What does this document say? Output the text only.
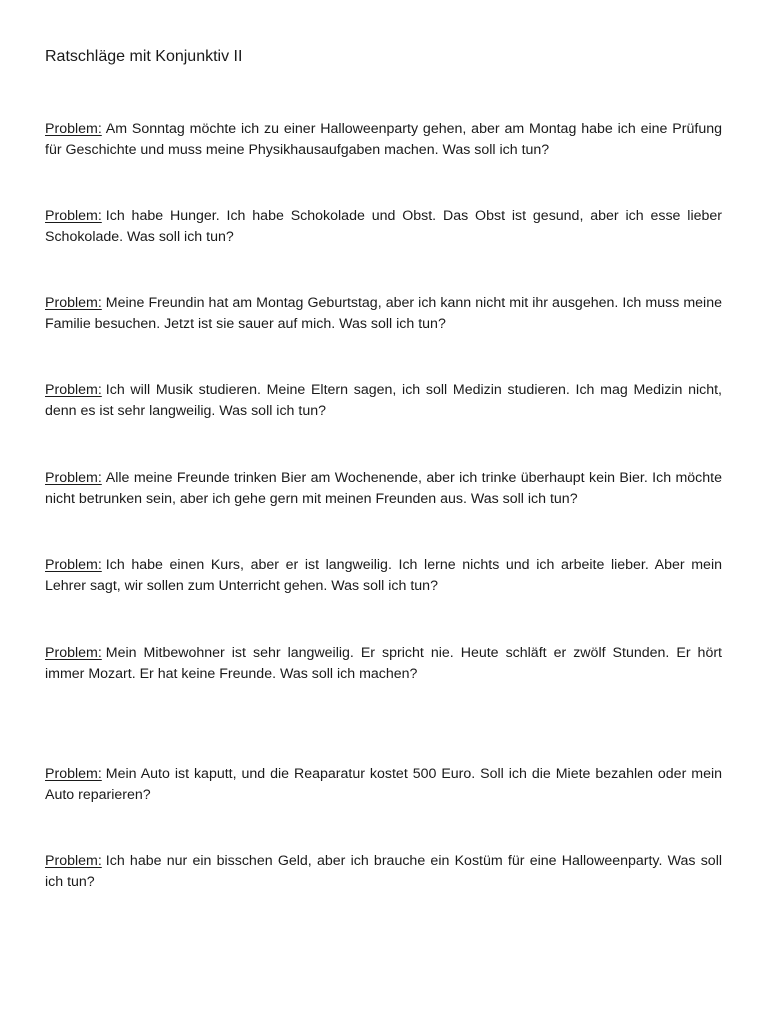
Ratschläge mit Konjunktiv II

Problem: Am Sonntag möchte ich zu einer Halloweenparty gehen, aber am Montag habe ich eine Prüfung für Geschichte und muss meine Physikhausaufgaben machen. Was soll ich tun?

Problem: Ich habe Hunger. Ich habe Schokolade und Obst. Das Obst ist gesund, aber ich esse lieber Schokolade. Was soll ich tun?

Problem: Meine Freundin hat am Montag Geburtstag, aber ich kann nicht mit ihr ausgehen. Ich muss meine Familie besuchen. Jetzt ist sie sauer auf mich. Was soll ich tun?

Problem: Ich will Musik studieren. Meine Eltern sagen, ich soll Medizin studieren. Ich mag Medizin nicht, denn es ist sehr langweilig. Was soll ich tun?

Problem: Alle meine Freunde trinken Bier am Wochenende, aber ich trinke überhaupt kein Bier. Ich möchte nicht betrunken sein, aber ich gehe gern mit meinen Freunden aus. Was soll ich tun?

Problem: Ich habe einen Kurs, aber er ist langweilig. Ich lerne nichts und ich arbeite lieber. Aber mein Lehrer sagt, wir sollen zum Unterricht gehen. Was soll ich tun?

Problem: Mein Mitbewohner ist sehr langweilig. Er spricht nie. Heute schläft er zwölf Stunden. Er hört immer Mozart. Er hat keine Freunde. Was soll ich machen?

Problem: Mein Auto ist kaputt, und die Reaparatur kostet 500 Euro. Soll ich die Miete bezahlen oder mein Auto reparieren?

Problem: Ich habe nur ein bisschen Geld, aber ich brauche ein Kostüm für eine Halloweenparty. Was soll ich tun?
